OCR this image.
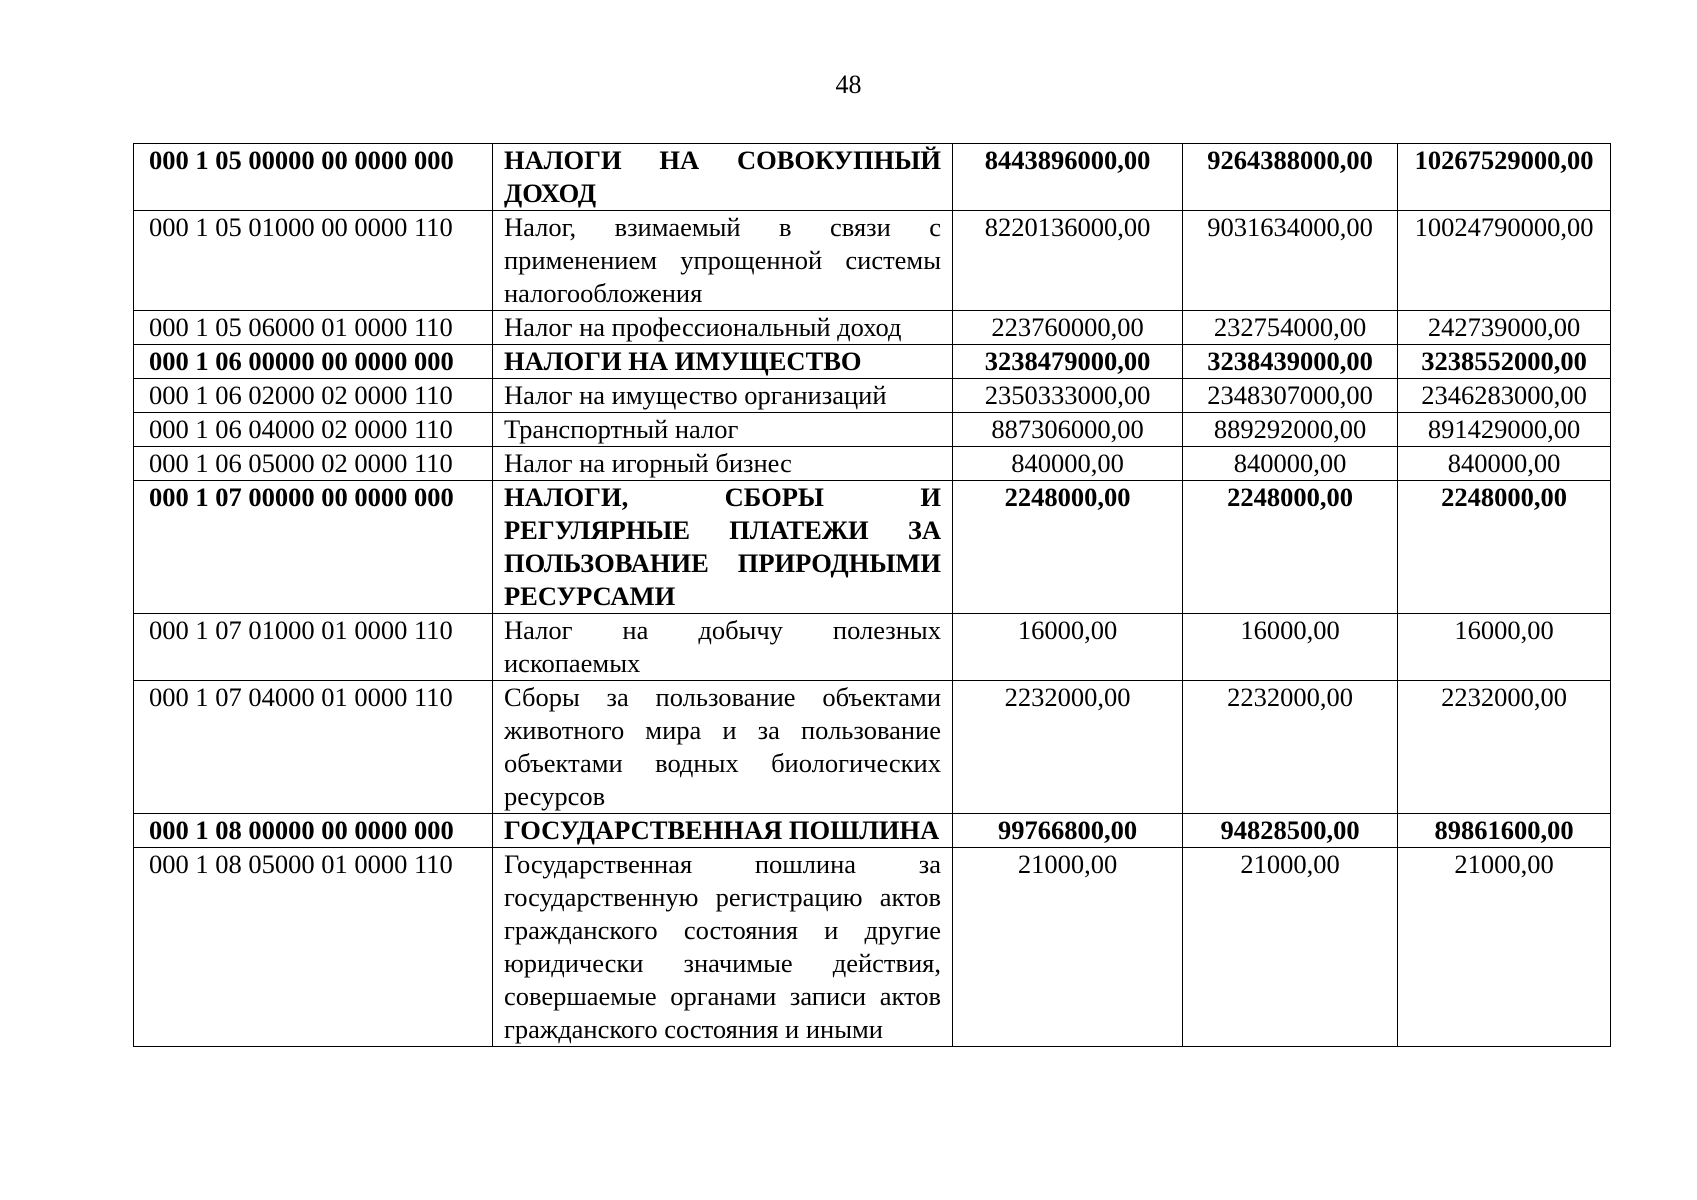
48
000 1 05 00000 00 0000 000	НАЛОГИ НА СОВОКУПНЫЙ ДОХОД	8443896000,00	9264388000,00	10267529000,00
000 1 05 01000 00 0000 110	Налог, взимаемый в связи с применением упрощенной системы налогообложения	8220136000,00	9031634000,00	10024790000,00
000 1 05 06000 01 0000 110	Налог на профессиональный доход	223760000,00	232754000,00	242739000,00
000 1 06 00000 00 0000 000	НАЛОГИ НА ИМУЩЕСТВО	3238479000,00	3238439000,00	3238552000,00
000 1 06 02000 02 0000 110	Налог на имущество организаций	2350333000,00	2348307000,00	2346283000,00
000 1 06 04000 02 0000 110	Транспортный налог	887306000,00	889292000,00	891429000,00
000 1 06 05000 02 0000 110	Налог на игорный бизнес	840000,00	840000,00	840000,00
000 1 07 00000 00 0000 000	НАЛОГИ, СБОРЫ И РЕГУЛЯРНЫЕ ПЛАТЕЖИ ЗА ПОЛЬЗОВАНИЕ ПРИРОДНЫМИ РЕСУРСАМИ	2248000,00	2248000,00	2248000,00
000 1 07 01000 01 0000 110	Налог на добычу полезных ископаемых	16000,00	16000,00	16000,00
000 1 07 04000 01 0000 110	Сборы за пользование объектами животного мира и за пользование объектами водных биологических ресурсов	2232000,00	2232000,00	2232000,00
000 1 08 00000 00 0000 000	ГОСУДАРСТВЕННАЯ ПОШЛИНА	99766800,00	94828500,00	89861600,00
000 1 08 05000 01 0000 110	Государственная пошлина за государственную регистрацию актов гражданского состояния и другие юридически значимые действия, совершаемые органами записи актов гражданского состояния и иными	21000,00	21000,00	21000,00
